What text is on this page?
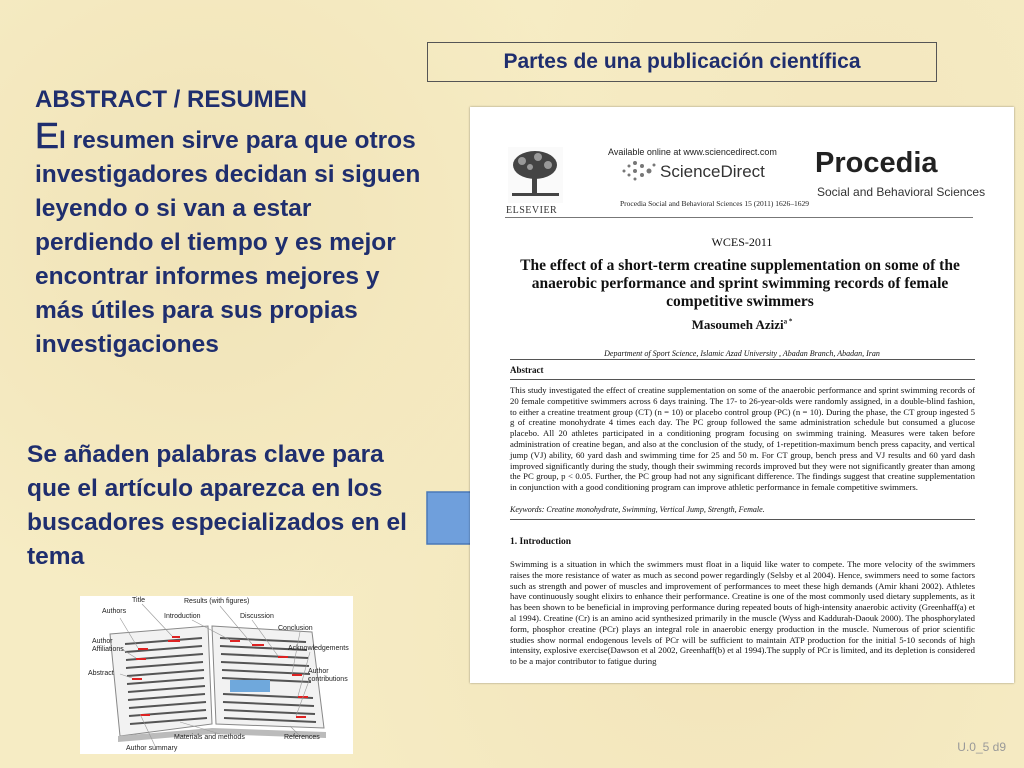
Partes de una publicación científica
ABSTRACT / RESUMEN
El resumen sirve para que otros investigadores decidan si siguen leyendo o si van a estar perdiendo el tiempo y es mejor encontrar informes mejores y más útiles para sus propias investigaciones
Se añaden palabras clave para que el artículo aparezca en los buscadores especializados en el tema
ELSEVIER
Available online at www.sciencedirect.com
ScienceDirect
Procedia Social and Behavioral Sciences 15 (2011) 1626–1629
Procedia
Social and Behavioral Sciences
WCES-2011
The effect of a short-term creatine supplementation on some of the anaerobic performance and sprint swimming records of female competitive swimmers
Masoumeh Azizi$^{a *}$
Department of Sport Science, Islamic Azad University , Abadan Branch, Abadan, Iran
Abstract
This study investigated the effect of creatine supplementation on some of the anaerobic performance and sprint swimming records of 20 female competitive swimmers across 6 days training. The 17- to 26-year-olds were randomly assigned, in a double-blind fashion, to either a creatine treatment group (CT) (n = 10) or placebo control group (PC) (n = 10). During the phase, the CT group ingested 5 g of creatine monohydrate 4 times each day. The PC group followed the same administration schedule but consumed a glucose placebo. All 20 athletes participated in a conditioning program focusing on swimming training. Measures were taken before administration of creatine began, and also at the conclusion of the study, of 1-repetition-maximum bench press capacity, and vertical jump (VJ) ability, 60 yard dash and swimming time for 25 and 50 m. For CT group, bench press and VJ results and 60 yard dash improved significantly during the study, though their swimming records improved but they were not significantly greater than among the PC group, p < 0.05. Further, the PC group had not any significant difference. The findings suggest that creatine supplementation in conjunction with a good conditioning program can improve athletic performance in female competitive swimmers.
Keywords: Creatine monohydrate, Swimming, Vertical Jump, Strength, Female.
1. Introduction
Swimming is a situation in which the swimmers must float in a liquid like water to compete. The more velocity of the swimmers raises the more resistance of water as much as second power regardingly (Selsby et al 2004). Hence, swimmers need to some factors such as strength and power of muscles and improvement of performances to meet these high demands (Amir khani 2002). Athletes have continuously sought elixirs to enhance their performance. Creatine is one of the most commonly used dietary supplements, as it has been shown to be beneficial in improving performance during repeated bouts of high-intensity anaerobic activity (Greenhaff(a) et al 1994). Creatine (Cr) is an amino acid synthesized primarily in the muscle (Wyss and Kaddurah-Daouk 2000). The phosphorylated form, phosphor creatine (PCr) plays an integral role in anaerobic energy production in the muscle. Numerous of prior scientific studies show normal endogenous levels of PCr will be sufficient to maintain ATP production for the initial 5-10 seconds of high intensity, explosive exercise(Dawson et al 2002, Greenhaff(b) et al 1994).The supply of PCr is limited, and its depletion is considered to be a major contributor to fatigue during
Title	Results (with figures)
Authors
Introduction	Discussion
Conclusion
Author Affiliations	Acknowledgements
Abstract	Author contributions
Materials and methods	References
Author summary	U.0_5 d9
